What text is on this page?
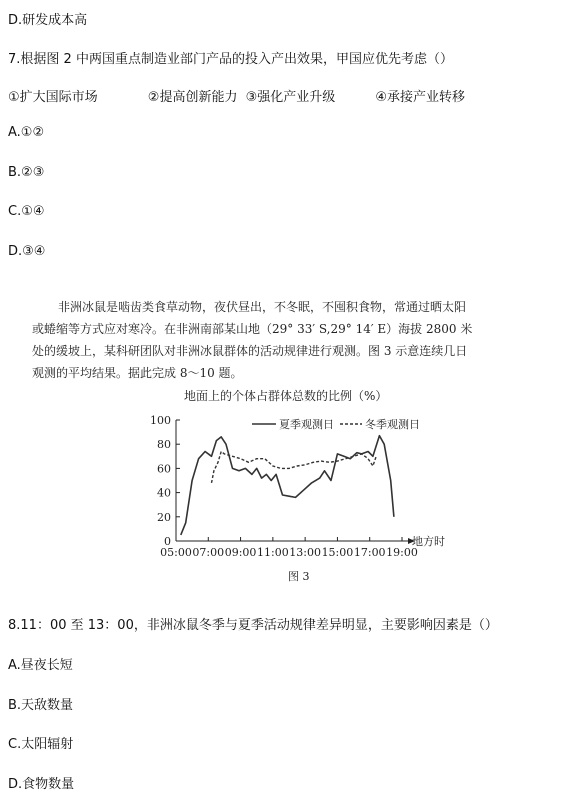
D.研发成本高
7.根据图 2 中两国重点制造业部门产品的投入产出效果，甲国应优先考虑（）
①扩大国际市场	②提高创新能力 ③强化产业升级	④承接产业转移
A.①②
B.②③
C.①④
D.③④

非洲冰鼠是啮齿类食草动物，夜伏昼出，不冬眠，不囤积食物，常通过晒太阳

或蜷缩等方式应对寒冷。在非洲南部某山地（29° 33′ S,29° 14′ E）海拔 2800 米

处的缓坡上，某科研团队对非洲冰鼠群体的活动规律进行观测。图 3 示意连续几日

观测的平均结果。据此完成 8～10 题。

地面上的个体占群体总数的比例（%）
0
20
40
60
80
100
05:00 07:00 09:00 11:00 13:00 15:00 17:00 19:00
夏季观测日	冬季观测日
地方时
图 3
8.11：00 至 13：00，非洲冰鼠冬季与夏季活动规律差异明显，主要影响因素是（）
A.昼夜长短
B.天敌数量
C.太阳辐射
D.食物数量
